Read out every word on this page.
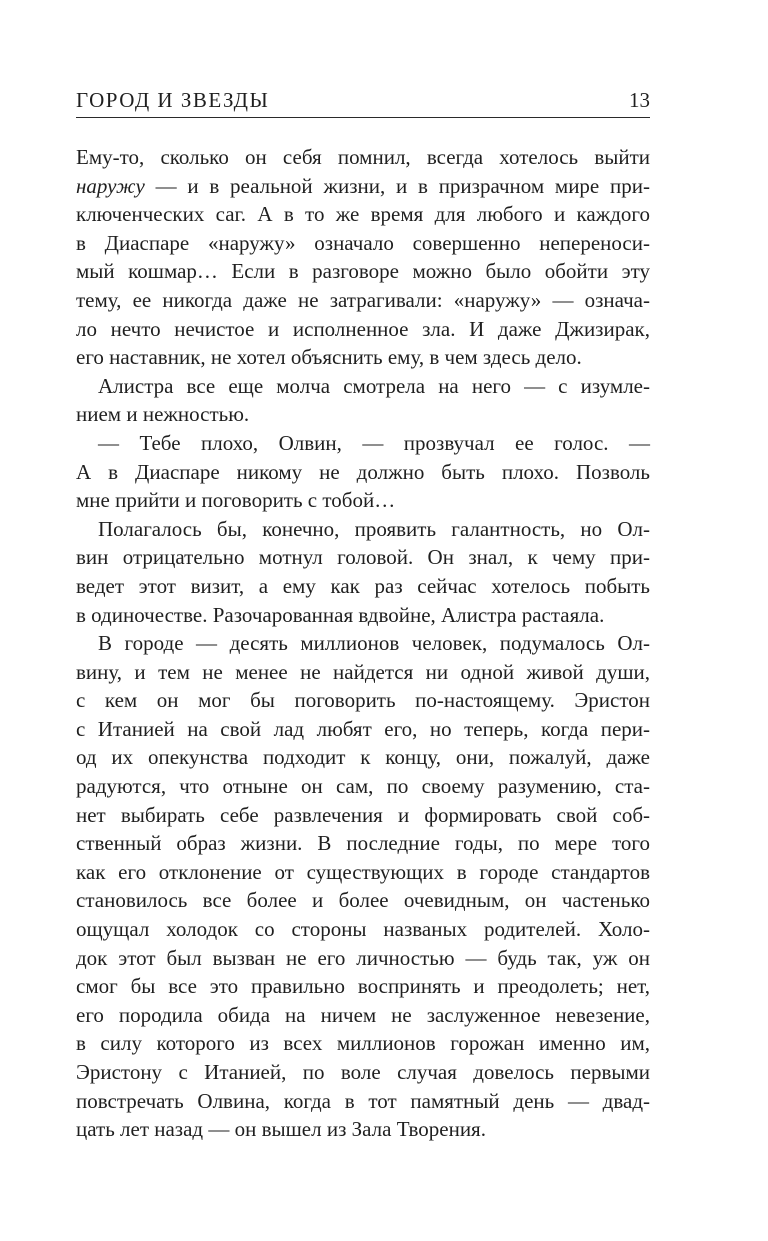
ГОРОД И ЗВЕЗДЫ	13
Ему-то, сколько он себя помнил, всегда хотелось выйти
наружу — и в реальной жизни, и в призрачном мире при-
ключенческих саг. А в то же время для любого и каждого
в Диаспаре «наружу» означало совершенно непереноси-
мый кошмар… Если в разговоре можно было обойти эту
тему, ее никогда даже не затрагивали: «наружу» — означа-
ло нечто нечистое и исполненное зла. И даже Джизирак,
его наставник, не хотел объяснить ему, в чем здесь дело.
Алистра все еще молча смотрела на него — с изумле-
нием и нежностью.
— Тебе плохо, Олвин, — прозвучал ее голос. —
А в Диаспаре никому не должно быть плохо. Позволь
мне прийти и поговорить с тобой…
Полагалось бы, конечно, проявить галантность, но Ол-
вин отрицательно мотнул головой. Он знал, к чему при-
ведет этот визит, а ему как раз сейчас хотелось побыть
в одиночестве. Разочарованная вдвойне, Алистра растаяла.
В городе — десять миллионов человек, подумалось Ол-
вину, и тем не менее не найдется ни одной живой души,
с кем он мог бы поговорить по-настоящему. Эристон
с Итанией на свой лад любят его, но теперь, когда пери-
од их опекунства подходит к концу, они, пожалуй, даже
радуются, что отныне он сам, по своему разумению, ста-
нет выбирать себе развлечения и формировать свой соб-
ственный образ жизни. В последние годы, по мере того
как его отклонение от существующих в городе стандартов
становилось все более и более очевидным, он частенько
ощущал холодок со стороны названых родителей. Холо-
док этот был вызван не его личностью — будь так, уж он
смог бы все это правильно воспринять и преодолеть; нет,
его породила обида на ничем не заслуженное невезение,
в силу которого из всех миллионов горожан именно им,
Эристону с Итанией, по воле случая довелось первыми
повстречать Олвина, когда в тот памятный день — двад-
цать лет назад — он вышел из Зала Творения.
